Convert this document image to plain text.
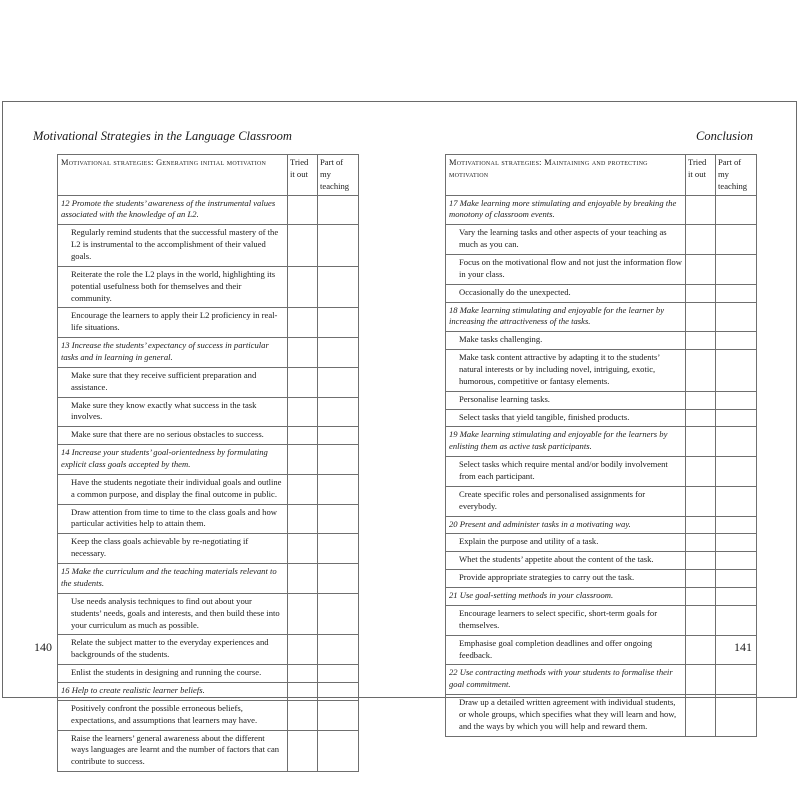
Motivational Strategies in the Language Classroom
Motivational strategies: Generating initial motivation	Tried it out	Part of my teaching
12 Promote the students’ awareness of the instrumental values associated with the knowledge of an L2.		
Regularly remind students that the successful mastery of the L2 is instrumental to the accomplishment of their valued goals.		
Reiterate the role the L2 plays in the world, highlighting its potential usefulness both for themselves and their community.		
Encourage the learners to apply their L2 proficiency in real-life situations.		
13 Increase the students’ expectancy of success in particular tasks and in learning in general.		
Make sure that they receive sufficient preparation and assistance.		
Make sure they know exactly what success in the task involves.		
Make sure that there are no serious obstacles to success.		
14 Increase your students’ goal-orientedness by formulating explicit class goals accepted by them.		
Have the students negotiate their individual goals and outline a common purpose, and display the final outcome in public.		
Draw attention from time to time to the class goals and how particular activities help to attain them.		
Keep the class goals achievable by re-negotiating if necessary.		
15 Make the curriculum and the teaching materials relevant to the students.		
Use needs analysis techniques to find out about your students’ needs, goals and interests, and then build these into your curriculum as much as possible.		
Relate the subject matter to the everyday experiences and backgrounds of the students.		
Enlist the students in designing and running the course.		
16 Help to create realistic learner beliefs.		
Positively confront the possible erroneous beliefs, expectations, and assumptions that learners may have.		
Raise the learners’ general awareness about the different ways languages are learnt and the number of factors that can contribute to success.		
140
Conclusion
Motivational strategies: Maintaining and protecting motivation	Tried it out	Part of my teaching
17 Make learning more stimulating and enjoyable by breaking the monotony of classroom events.		
Vary the learning tasks and other aspects of your teaching as much as you can.		
Focus on the motivational flow and not just the information flow in your class.		
Occasionally do the unexpected.		
18 Make learning stimulating and enjoyable for the learner by increasing the attractiveness of the tasks.		
Make tasks challenging.		
Make task content attractive by adapting it to the students’ natural interests or by including novel, intriguing, exotic, humorous, competitive or fantasy elements.		
Personalise learning tasks.		
Select tasks that yield tangible, finished products.		
19 Make learning stimulating and enjoyable for the learners by enlisting them as active task participants.		
Select tasks which require mental and/or bodily involvement from each participant.		
Create specific roles and personalised assignments for everybody.		
20 Present and administer tasks in a motivating way.		
Explain the purpose and utility of a task.		
Whet the students’ appetite about the content of the task.		
Provide appropriate strategies to carry out the task.		
21 Use goal-setting methods in your classroom.		
Encourage learners to select specific, short-term goals for themselves.		
Emphasise goal completion deadlines and offer ongoing feedback.		
22 Use contracting methods with your students to formalise their goal commitment.		
Draw up a detailed written agreement with individual students, or whole groups, which specifies what they will learn and how, and the ways by which you will help and reward them.		
141
